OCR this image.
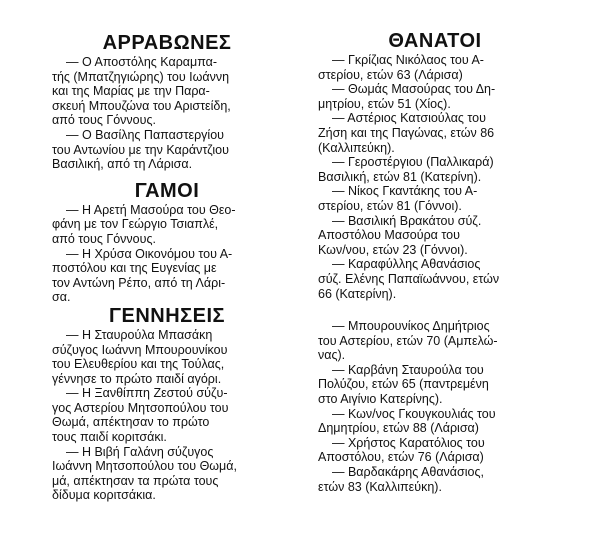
ΑΡΡΑΒΩΝΕΣ
— Ο Αποστόλης Καραμπα-
τής (Μπατζηγιώρης) του Ιωάννη
και της Μαρίας με την Παρα-
σκευή Μπουζώνα του Αριστείδη,
από τους Γόννους.
— Ο Βασίλης Παπαστεργίου
του Αντωνίου με την Καράντζιου
Βασιλική, από τη Λάρισα.
ΓΑΜΟΙ
— Η Αρετή Μασούρα του Θεο-
φάνη με τον Γεώργιο Τσιαπλέ,
από τους Γόννους.
— Η Χρύσα Οικονόμου του Α-
ποστόλου και της Ευγενίας με
τον Αντώνη Ρέπο, από τη Λάρι-
σα.
ΓΕΝΝΗΣΕΙΣ
— Η Σταυρούλα Μπασάκη
σύζυγος Ιωάννη Μπουρουνίκου
του Ελευθερίου και της Τούλας,
γέννησε το πρώτο παιδί αγόρι.
— Η Ξανθίππη Ζεστού σύζυ-
γος Αστερίου Μητσοπούλου του
Θωμά, απέκτησαν το πρώτο
τους παιδί κοριτσάκι.
— Η Βιβή Γαλάνη σύζυγος
Ιωάννη Μητσοπούλου του Θωμά,
μά, απέκτησαν τα πρώτα τους
δίδυμα κοριτσάκια.
ΘΑΝΑΤΟΙ
— Γκρίζιας Νικόλαος του Α-
στερίου, ετών 63 (Λάρισα)
— Θωμάς Μασούρας του Δη-
μητρίου, ετών 51 (Χίος).
— Αστέριος Κατσιούλας του
Ζήση και της Παγώνας, ετών 86
(Καλλιπεύκη).
— Γεροστέργιου (Παλλικαρά)
Βασιλική, ετών 81 (Κατερίνη).
— Νίκος Γκαντάκης του Α-
στερίου, ετών 81 (Γόννοι).
— Βασιλική Βρακάτου σύζ.
Αποστόλου Μασούρα του
Κων/νου, ετών 23 (Γόννοι).
— Καραφύλλης Αθανάσιος
σύζ. Ελένης Παπαϊωάννου, ετών
66 (Κατερίνη).
— Μπουρουνίκος Δημήτριος
του Αστερίου, ετών 70 (Αμπελώ-
νας).
— Καρβάνη Σταυρούλα του
Πολύζου, ετών 65 (παντρεμένη
στο Αιγίνιο Κατερίνης).
— Κων/νος Γκουγκουλιάς του
Δημητρίου, ετών 88 (Λάρισα)
— Χρήστος Καρατόλιος του
Αποστόλου, ετών 76 (Λάρισα)
— Βαρδακάρης Αθανάσιος,
ετών 83 (Καλλιπεύκη).
